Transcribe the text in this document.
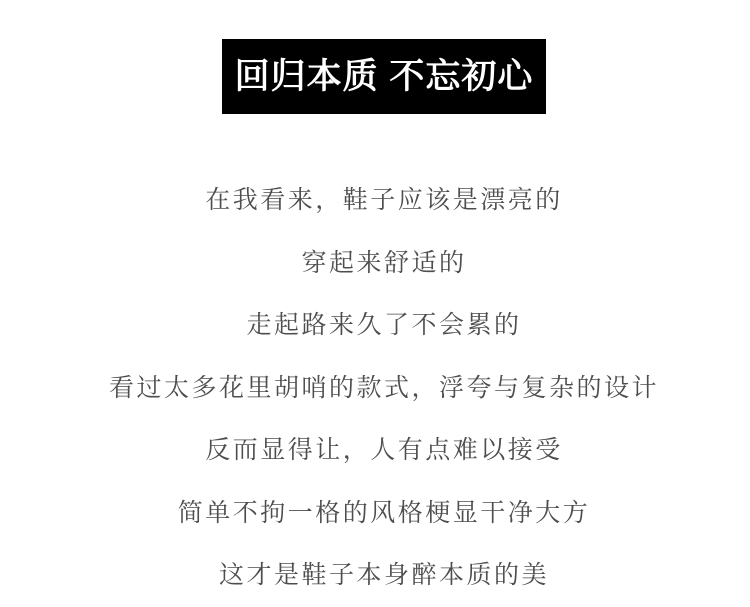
回归本质 不忘初心
在我看来，鞋子应该是漂亮的
穿起来舒适的
走起路来久了不会累的
看过太多花里胡哨的款式，浮夸与复杂的设计
反而显得让，人有点难以接受
简单不拘一格的风格梗显干净大方
这才是鞋子本身醉本质的美
